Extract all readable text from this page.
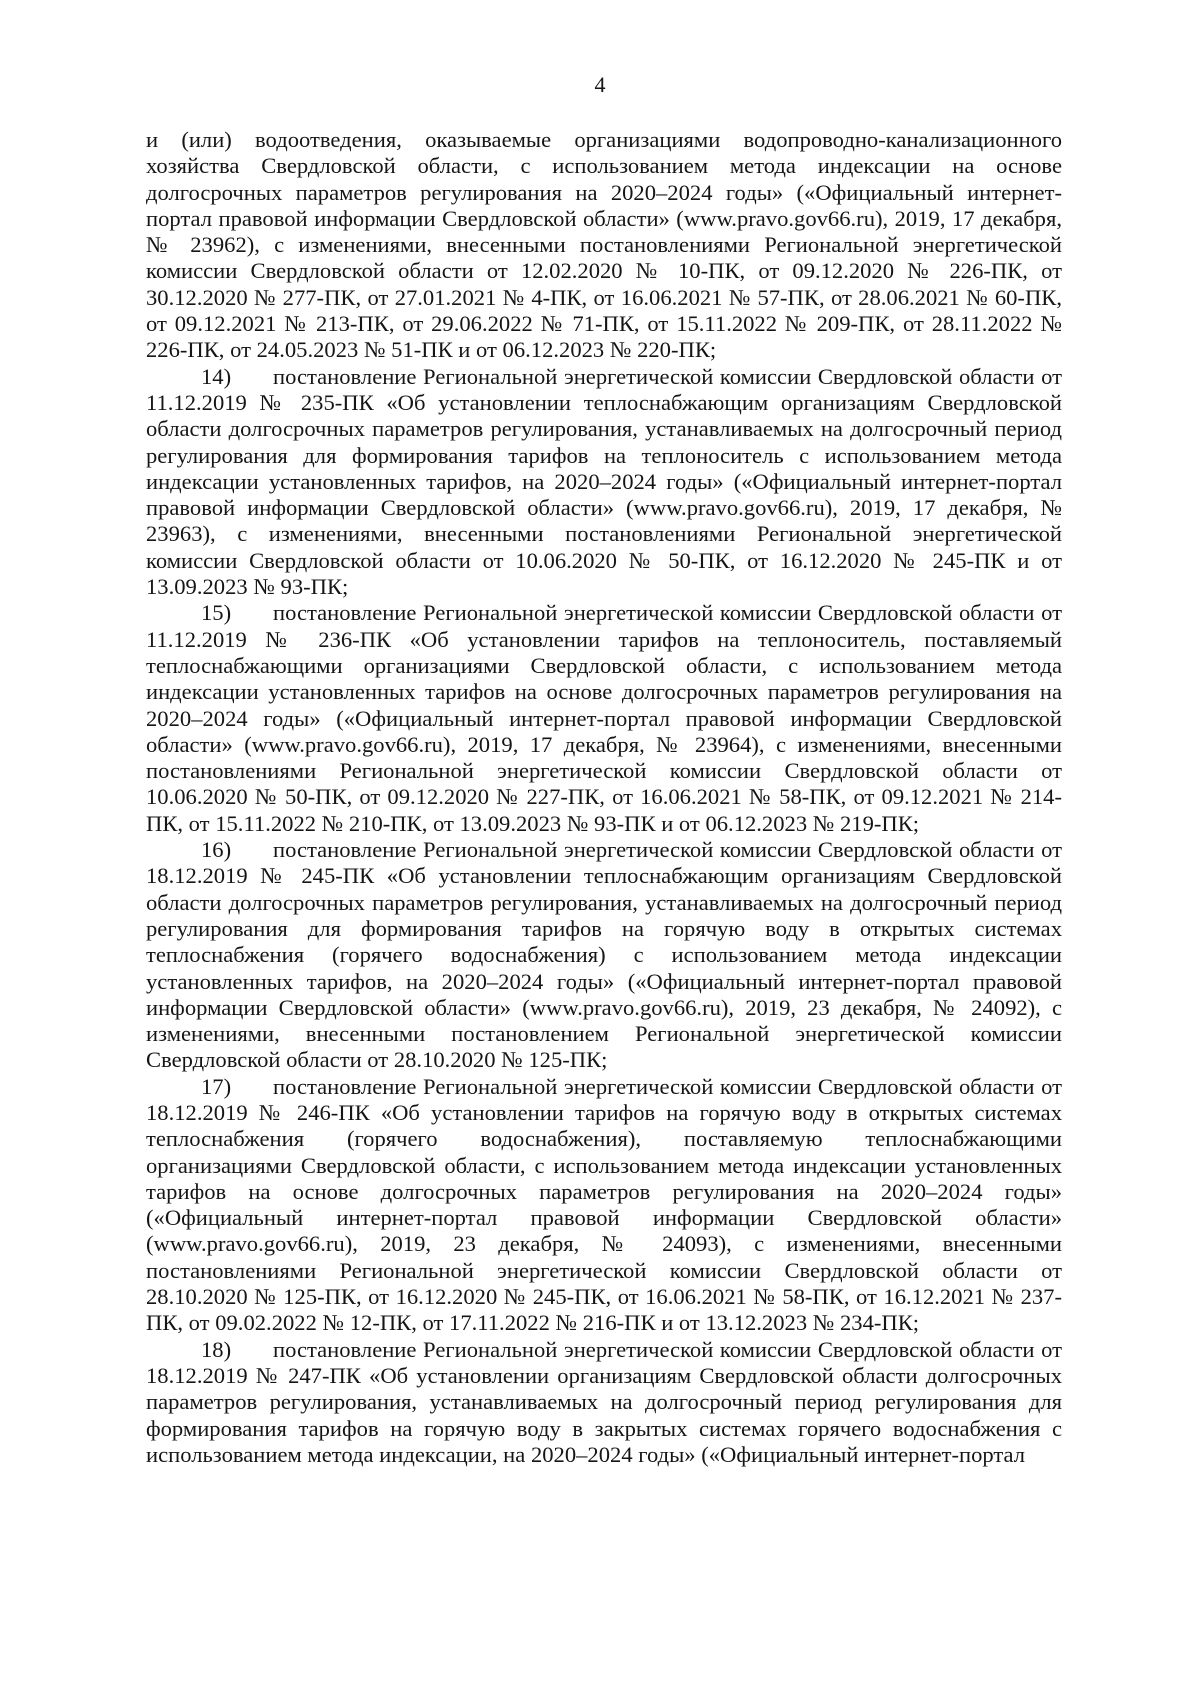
4

и (или) водоотведения, оказываемые организациями водопроводно-канализационного хозяйства Свердловской области, с использованием метода индексации на основе долгосрочных параметров регулирования на 2020–2024 годы» («Официальный интернет-портал правовой информации Свердловской области» (www.pravo.gov66.ru), 2019, 17 декабря, № 23962), с изменениями, внесенными постановлениями Региональной энергетической комиссии Свердловской области от 12.02.2020 № 10-ПК, от 09.12.2020 № 226-ПК, от 30.12.2020 № 277-ПК, от 27.01.2021 № 4-ПК, от 16.06.2021 № 57-ПК, от 28.06.2021 № 60-ПК, от 09.12.2021 № 213-ПК, от 29.06.2022 № 71-ПК, от 15.11.2022 № 209-ПК, от 28.11.2022 № 226-ПК, от 24.05.2023 № 51-ПК и от 06.12.2023 № 220-ПК;

14) постановление Региональной энергетической комиссии Свердловской области от 11.12.2019 № 235-ПК «Об установлении теплоснабжающим организациям Свердловской области долгосрочных параметров регулирования, устанавливаемых на долгосрочный период регулирования для формирования тарифов на теплоноситель с использованием метода индексации установленных тарифов, на 2020–2024 годы» («Официальный интернет-портал правовой информации Свердловской области» (www.pravo.gov66.ru), 2019, 17 декабря, № 23963), с изменениями, внесенными постановлениями Региональной энергетической комиссии Свердловской области от 10.06.2020 № 50-ПК, от 16.12.2020 № 245-ПК и от 13.09.2023 № 93-ПК;

15) постановление Региональной энергетической комиссии Свердловской области от 11.12.2019 № 236-ПК «Об установлении тарифов на теплоноситель, поставляемый теплоснабжающими организациями Свердловской области, с использованием метода индексации установленных тарифов на основе долгосрочных параметров регулирования на 2020–2024 годы» («Официальный интернет-портал правовой информации Свердловской области» (www.pravo.gov66.ru), 2019, 17 декабря, № 23964), с изменениями, внесенными постановлениями Региональной энергетической комиссии Свердловской области от 10.06.2020 № 50-ПК, от 09.12.2020 № 227-ПК, от 16.06.2021 № 58-ПК, от 09.12.2021 № 214-ПК, от 15.11.2022 № 210-ПК, от 13.09.2023 № 93-ПК и от 06.12.2023 № 219-ПК;

16) постановление Региональной энергетической комиссии Свердловской области от 18.12.2019 № 245-ПК «Об установлении теплоснабжающим организациям Свердловской области долгосрочных параметров регулирования, устанавливаемых на долгосрочный период регулирования для формирования тарифов на горячую воду в открытых системах теплоснабжения (горячего водоснабжения) с использованием метода индексации установленных тарифов, на 2020–2024 годы» («Официальный интернет-портал правовой информации Свердловской области» (www.pravo.gov66.ru), 2019, 23 декабря, № 24092), с изменениями, внесенными постановлением Региональной энергетической комиссии Свердловской области от 28.10.2020 № 125-ПК;

17) постановление Региональной энергетической комиссии Свердловской области от 18.12.2019 № 246-ПК «Об установлении тарифов на горячую воду в открытых системах теплоснабжения (горячего водоснабжения), поставляемую теплоснабжающими организациями Свердловской области, с использованием метода индексации установленных тарифов на основе долгосрочных параметров регулирования на 2020–2024 годы» («Официальный интернет-портал правовой информации Свердловской области» (www.pravo.gov66.ru), 2019, 23 декабря, № 24093), с изменениями, внесенными постановлениями Региональной энергетической комиссии Свердловской области от 28.10.2020 № 125-ПК, от 16.12.2020 № 245-ПК, от 16.06.2021 № 58-ПК, от 16.12.2021 № 237-ПК, от 09.02.2022 № 12-ПК, от 17.11.2022 № 216-ПК и от 13.12.2023 № 234-ПК;

18) постановление Региональной энергетической комиссии Свердловской области от 18.12.2019 № 247-ПК «Об установлении организациям Свердловской области долгосрочных параметров регулирования, устанавливаемых на долгосрочный период регулирования для формирования тарифов на горячую воду в закрытых системах горячего водоснабжения с использованием метода индексации, на 2020–2024 годы» («Официальный интернет-портал
